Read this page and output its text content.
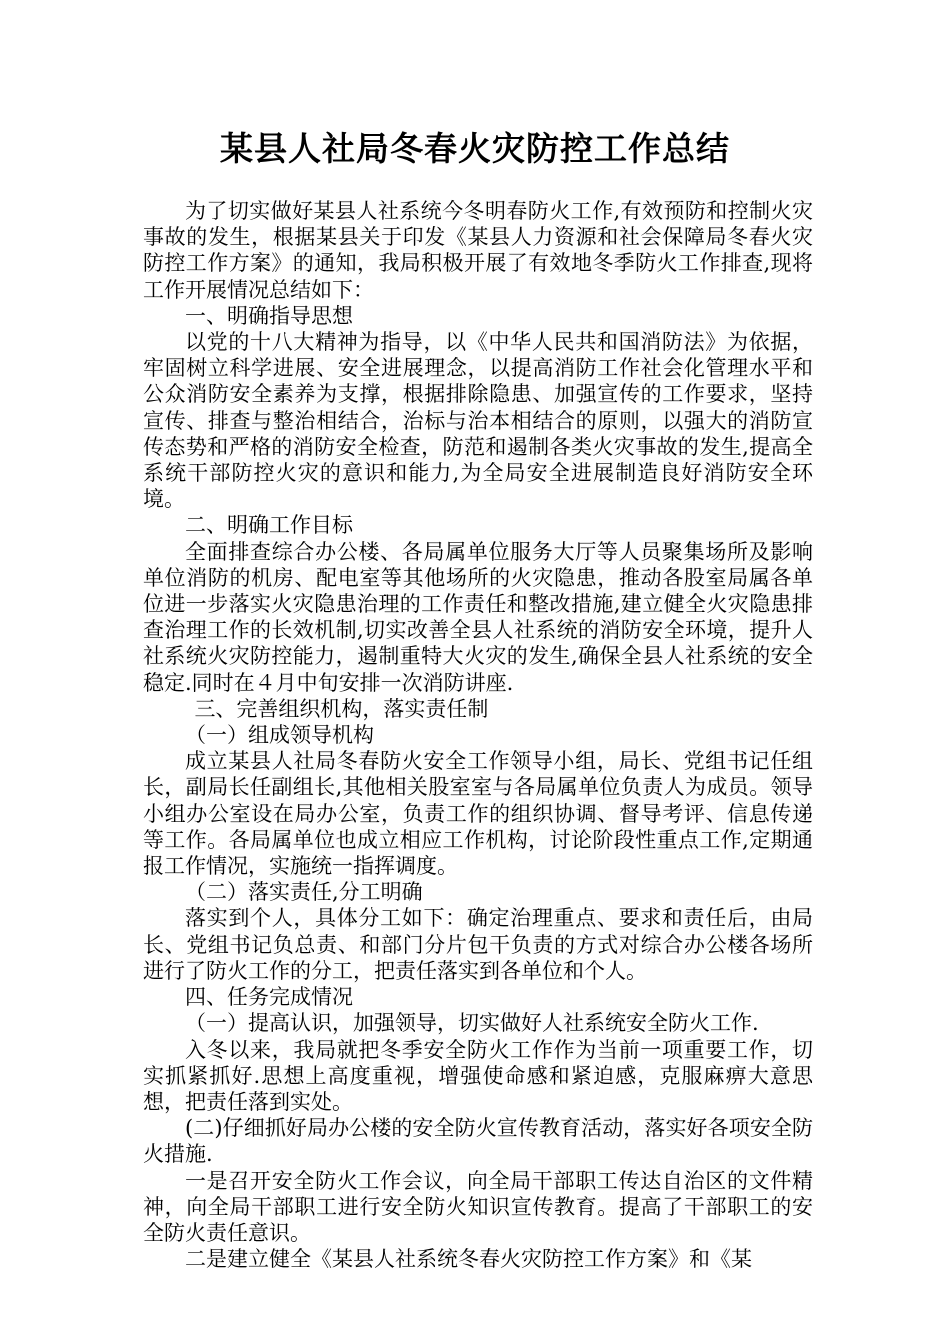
某县人社局冬春火灾防控工作总结

为了切实做好某县人社系统今冬明春防火工作,有效预防和控制火灾事故的发生，根据某县关于印发《某县人力资源和社会保障局冬春火灾防控工作方案》的通知，我局积极开展了有效地冬季防火工作排查,现将工作开展情况总结如下：

一、明确指导思想

以党的十八大精神为指导，以《中华人民共和国消防法》为依据，牢固树立科学进展、安全进展理念，以提高消防工作社会化管理水平和公众消防安全素养为支撑，根据排除隐患、加强宣传的工作要求，坚持宣传、排查与整治相结合，治标与治本相结合的原则，以强大的消防宣传态势和严格的消防安全检查，防范和遏制各类火灾事故的发生,提高全系统干部防控火灾的意识和能力,为全局安全进展制造良好消防安全环境。

二、明确工作目标

全面排查综合办公楼、各局属单位服务大厅等人员聚集场所及影响单位消防的机房、配电室等其他场所的火灾隐患，推动各股室局属各单位进一步落实火灾隐患治理的工作责任和整改措施,建立健全火灾隐患排查治理工作的长效机制,切实改善全县人社系统的消防安全环境，提升人社系统火灾防控能力，遏制重特大火灾的发生,确保全县人社系统的安全稳定.同时在４月中旬安排一次消防讲座.

三、完善组织机构，落实责任制

（一）组成领导机构

成立某县人社局冬春防火安全工作领导小组，局长、党组书记任组长，副局长任副组长,其他相关股室室与各局属单位负责人为成员。领导小组办公室设在局办公室，负责工作的组织协调、督导考评、信息传递等工作。各局属单位也成立相应工作机构，讨论阶段性重点工作,定期通报工作情况，实施统一指挥调度。

（二）落实责任,分工明确

落实到个人，具体分工如下：确定治理重点、要求和责任后，由局长、党组书记负总责、和部门分片包干负责的方式对综合办公楼各场所进行了防火工作的分工，把责任落实到各单位和个人。

四、任务完成情况

（一）提高认识，加强领导，切实做好人社系统安全防火工作.

入冬以来，我局就把冬季安全防火工作作为当前一项重要工作，切实抓紧抓好.思想上高度重视，增强使命感和紧迫感，克服麻痹大意思想，把责任落到实处。

(二)仔细抓好局办公楼的安全防火宣传教育活动，落实好各项安全防火措施.

一是召开安全防火工作会议，向全局干部职工传达自治区的文件精神，向全局干部职工进行安全防火知识宣传教育。提高了干部职工的安全防火责任意识。

二是建立健全《某县人社系统冬春火灾防控工作方案》和《某
